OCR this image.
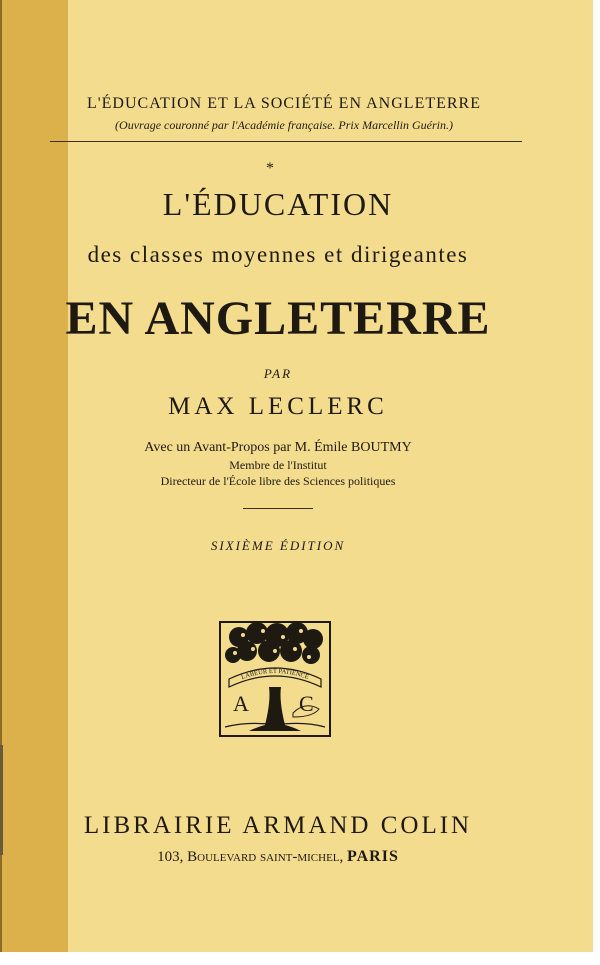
L'ÉDUCATION ET LA SOCIÉTÉ EN ANGLETERRE
(Ouvrage couronné par l'Académie française. Prix Marcellin Guérin.)
*
L'ÉDUCATION
des classes moyennes et dirigeantes
EN ANGLETERRE
PAR
MAX LECLERC
Avec un Avant-Propos par M. Émile BOUTMY
Membre de l'Institut
Directeur de l'École libre des Sciences politiques
SIXIÈME ÉDITION
LABEUR ET PATIENCE
A C
LIBRAIRIE ARMAND COLIN
103, Boulevard saint-michel, PARIS
